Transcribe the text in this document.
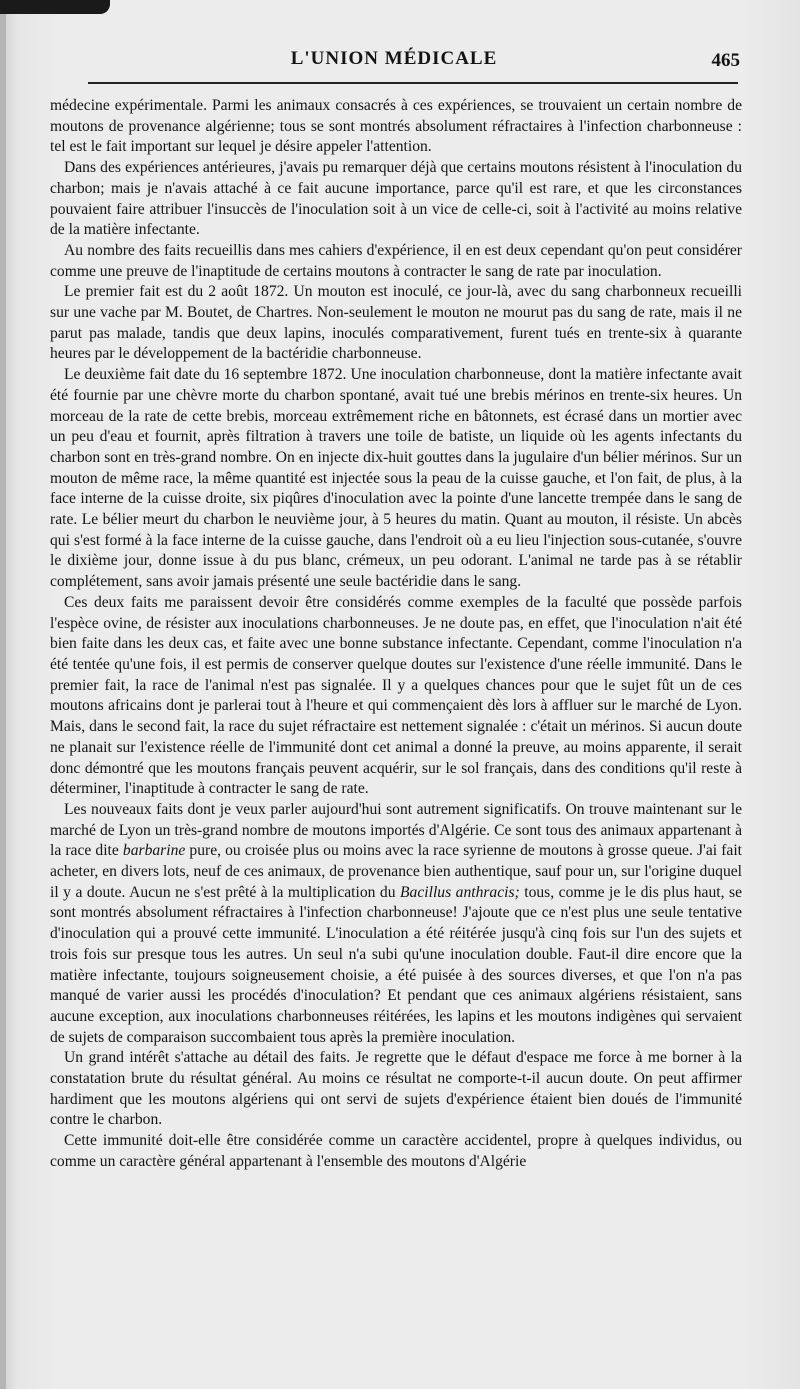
L'UNION MÉDICALE	465

médecine expérimentale. Parmi les animaux consacrés à ces expériences, se trouvaient un certain nombre de moutons de provenance algérienne; tous se sont montrés absolument réfractaires à l'infection charbonneuse : tel est le fait important sur lequel je désire appeler l'attention.

Dans des expériences antérieures, j'avais pu remarquer déjà que certains moutons résistent à l'inoculation du charbon; mais je n'avais attaché à ce fait aucune importance, parce qu'il est rare, et que les circonstances pouvaient faire attribuer l'insuccès de l'inoculation soit à un vice de celle-ci, soit à l'activité au moins relative de la matière infectante.

Au nombre des faits recueillis dans mes cahiers d'expérience, il en est deux cependant qu'on peut considérer comme une preuve de l'inaptitude de certains moutons à contracter le sang de rate par inoculation.

Le premier fait est du 2 août 1872. Un mouton est inoculé, ce jour-là, avec du sang charbonneux recueilli sur une vache par M. Boutet, de Chartres. Non-seulement le mouton ne mourut pas du sang de rate, mais il ne parut pas malade, tandis que deux lapins, inoculés comparativement, furent tués en trente-six à quarante heures par le développement de la bactéridie charbonneuse.

Le deuxième fait date du 16 septembre 1872. Une inoculation charbonneuse, dont la matière infectante avait été fournie par une chèvre morte du charbon spontané, avait tué une brebis mérinos en trente-six heures. Un morceau de la rate de cette brebis, morceau extrêmement riche en bâtonnets, est écrasé dans un mortier avec un peu d'eau et fournit, après filtration à travers une toile de batiste, un liquide où les agents infectants du charbon sont en très-grand nombre. On en injecte dix-huit gouttes dans la jugulaire d'un bélier mérinos. Sur un mouton de même race, la même quantité est injectée sous la peau de la cuisse gauche, et l'on fait, de plus, à la face interne de la cuisse droite, six piqûres d'inoculation avec la pointe d'une lancette trempée dans le sang de rate. Le bélier meurt du charbon le neuvième jour, à 5 heures du matin. Quant au mouton, il résiste. Un abcès qui s'est formé à la face interne de la cuisse gauche, dans l'endroit où a eu lieu l'injection sous-cutanée, s'ouvre le dixième jour, donne issue à du pus blanc, crémeux, un peu odorant. L'animal ne tarde pas à se rétablir complétement, sans avoir jamais présenté une seule bactéridie dans le sang.

Ces deux faits me paraissent devoir être considérés comme exemples de la faculté que possède parfois l'espèce ovine, de résister aux inoculations charbonneuses. Je ne doute pas, en effet, que l'inoculation n'ait été bien faite dans les deux cas, et faite avec une bonne substance infectante. Cependant, comme l'inoculation n'a été tentée qu'une fois, il est permis de conserver quelque doutes sur l'existence d'une réelle immunité. Dans le premier fait, la race de l'animal n'est pas signalée. Il y a quelques chances pour que le sujet fût un de ces moutons africains dont je parlerai tout à l'heure et qui commençaient dès lors à affluer sur le marché de Lyon. Mais, dans le second fait, la race du sujet réfractaire est nettement signalée : c'était un mérinos. Si aucun doute ne planait sur l'existence réelle de l'immunité dont cet animal a donné la preuve, au moins apparente, il serait donc démontré que les moutons français peuvent acquérir, sur le sol français, dans des conditions qu'il reste à déterminer, l'inaptitude à contracter le sang de rate.

Les nouveaux faits dont je veux parler aujourd'hui sont autrement significatifs. On trouve maintenant sur le marché de Lyon un très-grand nombre de moutons importés d'Algérie. Ce sont tous des animaux appartenant à la race dite barbarine pure, ou croisée plus ou moins avec la race syrienne de moutons à grosse queue. J'ai fait acheter, en divers lots, neuf de ces animaux, de provenance bien authentique, sauf pour un, sur l'origine duquel il y a doute. Aucun ne s'est prêté à la multiplication du Bacillus anthracis; tous, comme je le dis plus haut, se sont montrés absolument réfractaires à l'infection charbonneuse! J'ajoute que ce n'est plus une seule tentative d'inoculation qui a prouvé cette immunité. L'inoculation a été réitérée jusqu'à cinq fois sur l'un des sujets et trois fois sur presque tous les autres. Un seul n'a subi qu'une inoculation double. Faut-il dire encore que la matière infectante, toujours soigneusement choisie, a été puisée à des sources diverses, et que l'on n'a pas manqué de varier aussi les procédés d'inoculation? Et pendant que ces animaux algériens résistaient, sans aucune exception, aux inoculations charbonneuses réitérées, les lapins et les moutons indigènes qui servaient de sujets de comparaison succombaient tous après la première inoculation.

Un grand intérêt s'attache au détail des faits. Je regrette que le défaut d'espace me force à me borner à la constatation brute du résultat général. Au moins ce résultat ne comporte-t-il aucun doute. On peut affirmer hardiment que les moutons algériens qui ont servi de sujets d'expérience étaient bien doués de l'immunité contre le charbon.

Cette immunité doit-elle être considérée comme un caractère accidentel, propre à quelques individus, ou comme un caractère général appartenant à l'ensemble des moutons d'Algérie
